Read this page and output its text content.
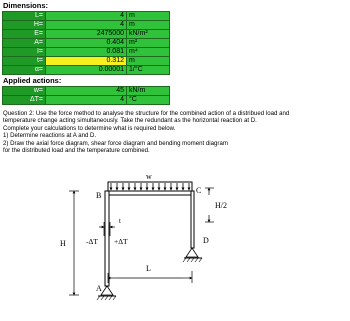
Dimensions:
L=	4	m
H=	4	m
E=	2475000	kN/m²
A=	0.404	m²
I=	0.081	m⁴
t=	0.312	m
α=	0.00001	1/°C
Applied actions:
w=	45	kN/m
ΔT=	4	°C
Question 2: Use the force method to analyse the structure for the combined action of a distribued load and
temperature change acting simultaneously. Take the redundant as the horizontal reaction at D.
Complete your calculations to determine what is required below.
1) Determine reactions at A and D.
2) Draw the axial force diagram, shear force diagram and bending moment diagram
for the distributed load and the temperature combined.
w
B
C
D
A
t
-ΔT +ΔT
H
H/2
L
